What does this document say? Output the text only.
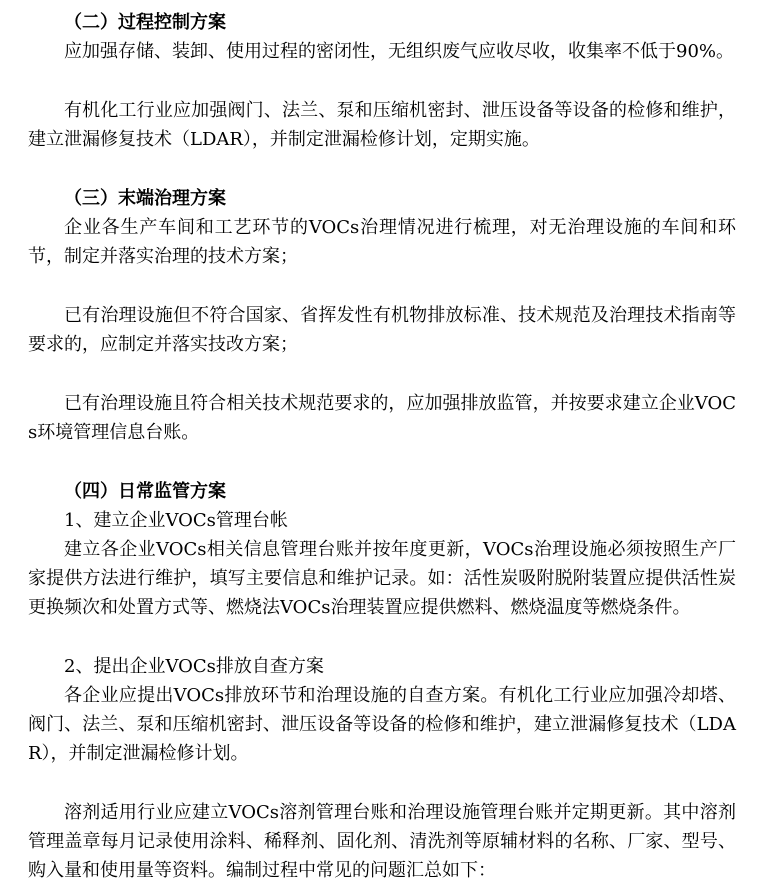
（二）过程控制方案

应加强存储、装卸、使用过程的密闭性，无组织废气应收尽收，收集率不低于90%。

有机化工行业应加强阀门、法兰、泵和压缩机密封、泄压设备等设备的检修和维护，建立泄漏修复技术（LDAR），并制定泄漏检修计划，定期实施。

（三）末端治理方案

企业各生产车间和工艺环节的VOCs治理情况进行梳理，对无治理设施的车间和环节，制定并落实治理的技术方案；

已有治理设施但不符合国家、省挥发性有机物排放标准、技术规范及治理技术指南等要求的，应制定并落实技改方案；

已有治理设施且符合相关技术规范要求的，应加强排放监管，并按要求建立企业VOCs环境管理信息台账。

（四）日常监管方案

1、建立企业VOCs管理台帐

建立各企业VOCs相关信息管理台账并按年度更新，VOCs治理设施必须按照生产厂家提供方法进行维护，填写主要信息和维护记录。如：活性炭吸附脱附装置应提供活性炭更换频次和处置方式等、燃烧法VOCs治理装置应提供燃料、燃烧温度等燃烧条件。

2、提出企业VOCs排放自查方案

各企业应提出VOCs排放环节和治理设施的自查方案。有机化工行业应加强冷却塔、阀门、法兰、泵和压缩机密封、泄压设备等设备的检修和维护，建立泄漏修复技术（LDAR），并制定泄漏检修计划。

溶剂适用行业应建立VOCs溶剂管理台账和治理设施管理台账并定期更新。其中溶剂管理盖章每月记录使用涂料、稀释剂、固化剂、清洗剂等原辅材料的名称、厂家、型号、购入量和使用量等资料。编制过程中常见的问题汇总如下：
